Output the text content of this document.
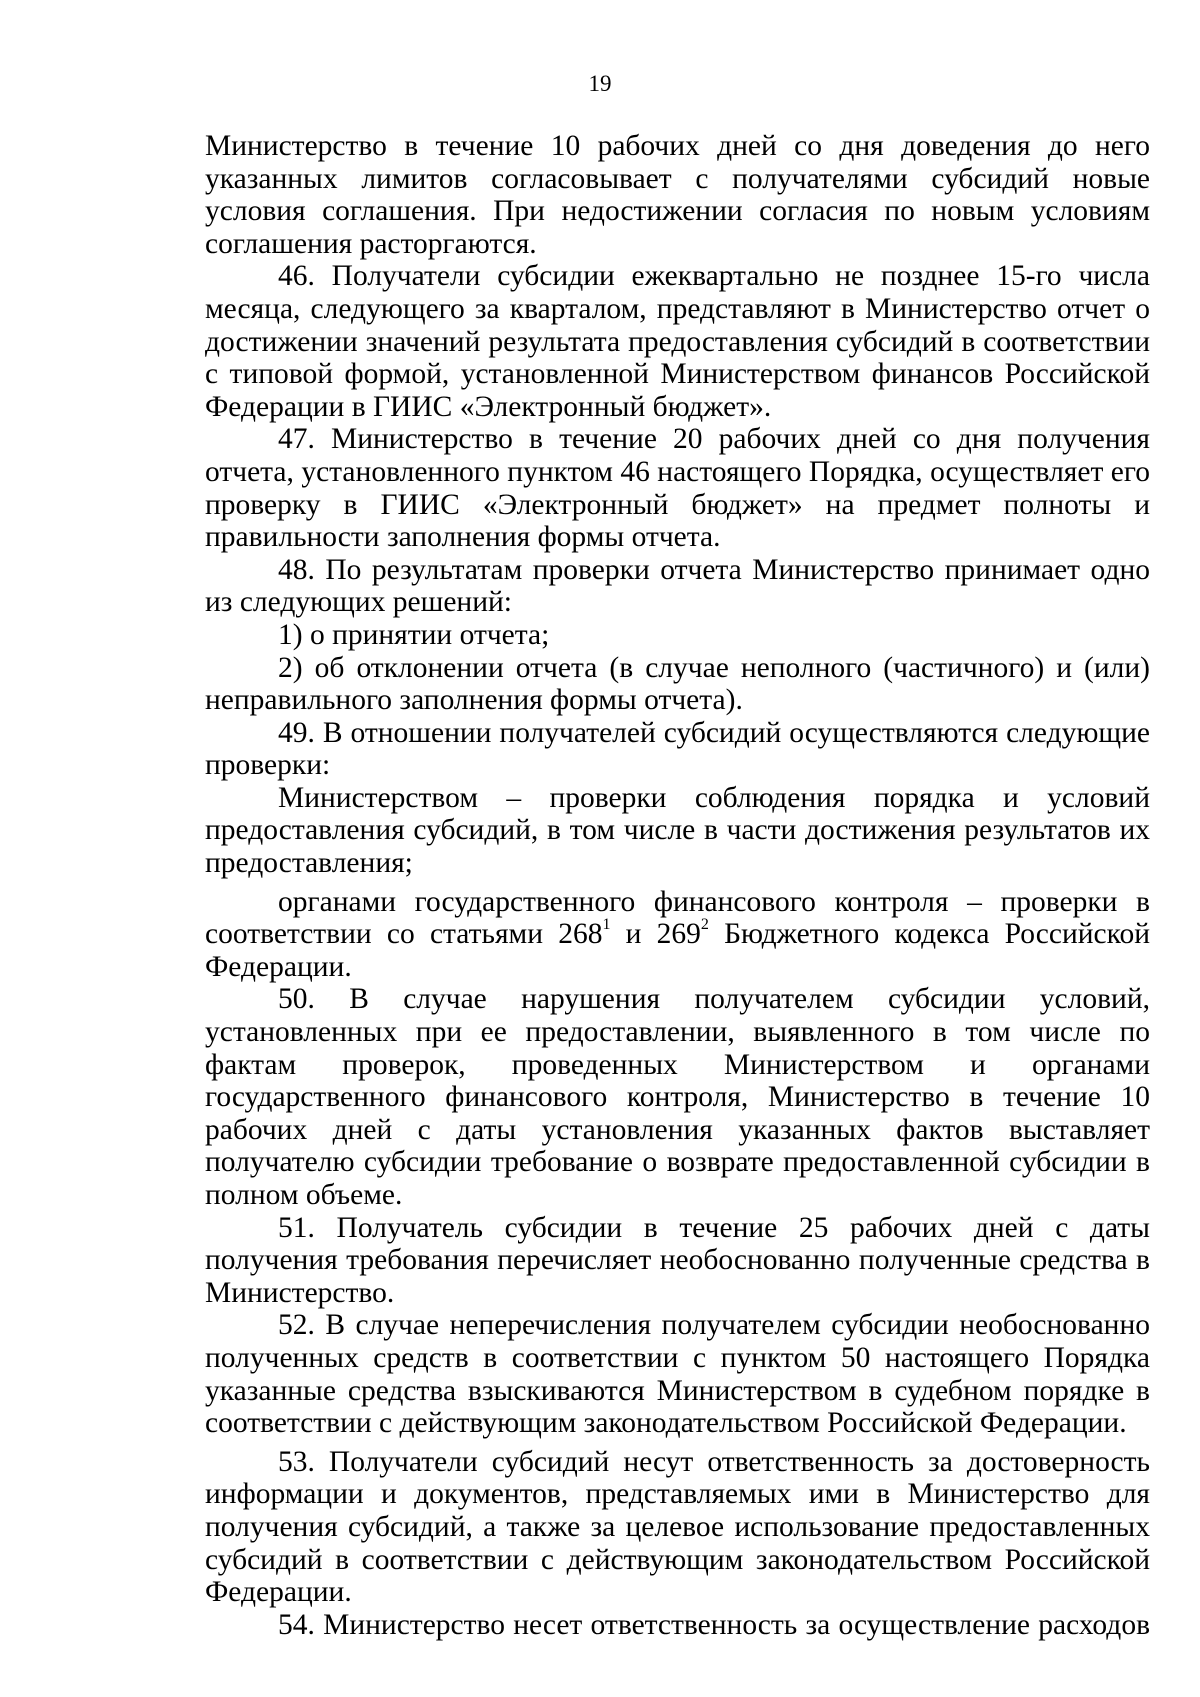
19

Министерство в течение 10 рабочих дней со дня доведения до него указанных лимитов согласовывает с получателями субсидий новые условия соглашения. При недостижении согласия по новым условиям соглашения расторгаются.

46. Получатели субсидии ежеквартально не позднее 15-го числа месяца, следующего за кварталом, представляют в Министерство отчет о достижении значений результата предоставления субсидий в соответствии с типовой формой, установленной Министерством финансов Российской Федерации в ГИИС «Электронный бюджет».

47. Министерство в течение 20 рабочих дней со дня получения отчета, установленного пунктом 46 настоящего Порядка, осуществляет его проверку в ГИИС «Электронный бюджет» на предмет полноты и правильности заполнения формы отчета.

48. По результатам проверки отчета Министерство принимает одно из следующих решений:

1) о принятии отчета;

2) об отклонении отчета (в случае неполного (частичного) и (или) неправильного заполнения формы отчета).

49. В отношении получателей субсидий осуществляются следующие проверки:

Министерством – проверки соблюдения порядка и условий предоставления субсидий, в том числе в части достижения результатов их предоставления;

органами государственного финансового контроля – проверки в соответствии со статьями $268^1$ и $269^2$ Бюджетного кодекса Российской Федерации.

50. В случае нарушения получателем субсидии условий, установленных при ее предоставлении, выявленного в том числе по фактам проверок, проведенных Министерством и органами государственного финансового контроля, Министерство в течение 10 рабочих дней с даты установления указанных фактов выставляет получателю субсидии требование о возврате предоставленной субсидии в полном объеме.

51. Получатель субсидии в течение 25 рабочих дней с даты получения требования перечисляет необоснованно полученные средства в Министерство.

52. В случае неперечисления получателем субсидии необоснованно полученных средств в соответствии с пунктом 50 настоящего Порядка указанные средства взыскиваются Министерством в судебном порядке в соответствии с действующим законодательством Российской Федерации.

53. Получатели субсидий несут ответственность за достоверность информации и документов, представляемых ими в Министерство для получения субсидий, а также за целевое использование предоставленных субсидий в соответствии с действующим законодательством Российской Федерации.

54. Министерство несет ответственность за осуществление расходов
